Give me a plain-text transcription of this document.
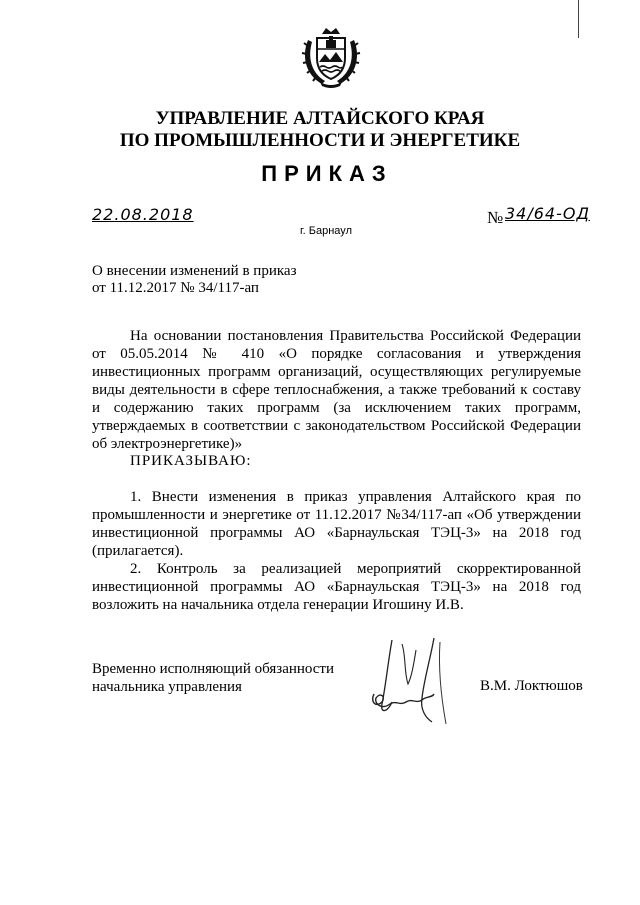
УПРАВЛЕНИЕ АЛТАЙСКОГО КРАЯ
ПО ПРОМЫШЛЕННОСТИ И ЭНЕРГЕТИКЕ
ПРИКАЗ
22.08.2018	№ 34/64-ОД
г. Барнаул
О внесении изменений в приказ
от 11.12.2017 № 34/117-ап

На основании постановления Правительства Российской Федерации от 05.05.2014 № 410 «О порядке согласования и утверждения инвестиционных программ организаций, осуществляющих регулируемые виды деятельности в сфере теплоснабжения, а также требований к составу и содержанию таких программ (за исключением таких программ, утверждаемых в соответствии с законодательством Российской Федерации об электроэнергетике)»

ПРИКАЗЫВАЮ:

1. Внести изменения в приказ управления Алтайского края по промышленности и энергетике от 11.12.2017 №34/117-ап «Об утверждении инвестиционной программы АО «Барнаульская ТЭЦ-3» на 2018 год (прилагается).

2. Контроль за реализацией мероприятий скорректированной инвестиционной программы АО «Барнаульская ТЭЦ-3» на 2018 год возложить на начальника отдела генерации Игошину И.В.

Временно исполняющий обязанности
начальника управления	В.М. Локтюшов
